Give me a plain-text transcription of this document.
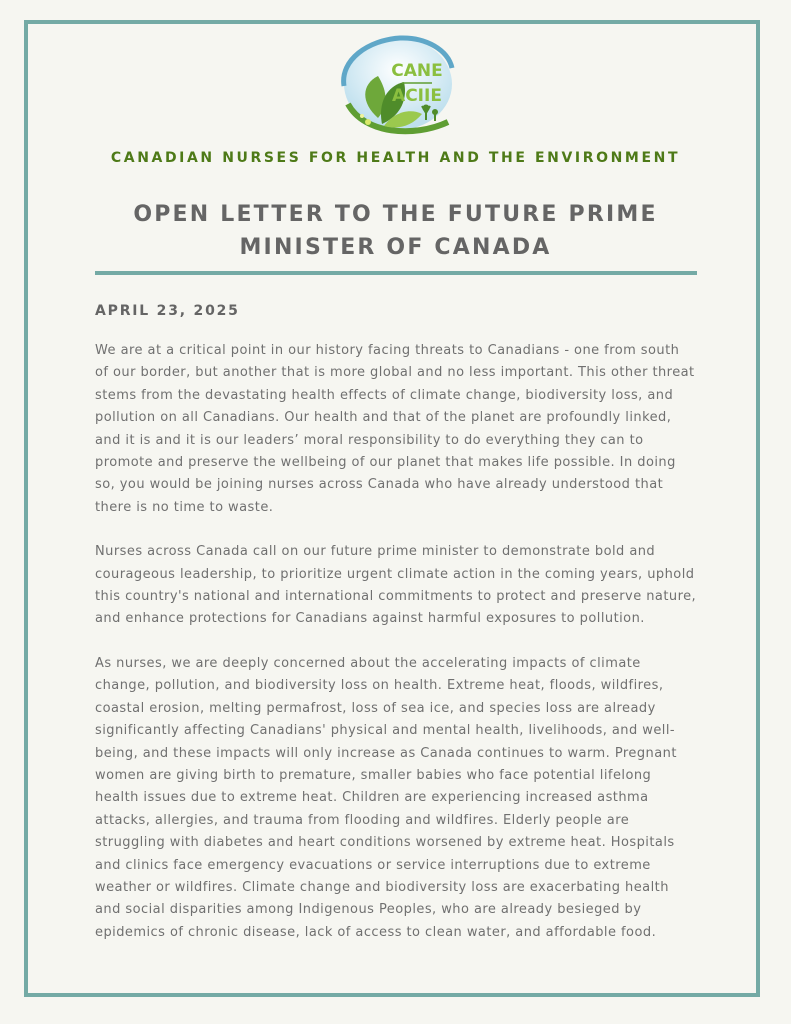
CANE
ACIIE
CANADIAN NURSES FOR HEALTH AND THE ENVIRONMENT
OPEN LETTER TO THE FUTURE PRIME MINISTER OF CANADA
APRIL 23, 2025

We are at a critical point in our history facing threats to Canadians - one from south of our border, but another that is more global and no less important. This other threat stems from the devastating health effects of climate change, biodiversity loss, and pollution on all Canadians. Our health and that of the planet are profoundly linked, and it is and it is our leaders’ moral responsibility to do everything they can to promote and preserve the wellbeing of our planet that makes life possible. In doing so, you would be joining nurses across Canada who have already understood that there is no time to waste.

Nurses across Canada call on our future prime minister to demonstrate bold and courageous leadership, to prioritize urgent climate action in the coming years, uphold this country's national and international commitments to protect and preserve nature, and enhance protections for Canadians against harmful exposures to pollution.

As nurses, we are deeply concerned about the accelerating impacts of climate change, pollution, and biodiversity loss on health. Extreme heat, floods, wildfires, coastal erosion, melting permafrost, loss of sea ice, and species loss are already significantly affecting Canadians' physical and mental health, livelihoods, and well-being, and these impacts will only increase as Canada continues to warm. Pregnant women are giving birth to premature, smaller babies who face potential lifelong health issues due to extreme heat. Children are experiencing increased asthma attacks, allergies, and trauma from flooding and wildfires. Elderly people are struggling with diabetes and heart conditions worsened by extreme heat. Hospitals and clinics face emergency evacuations or service interruptions due to extreme weather or wildfires. Climate change and biodiversity loss are exacerbating health and social disparities among Indigenous Peoples, who are already besieged by epidemics of chronic disease, lack of access to clean water, and affordable food.
